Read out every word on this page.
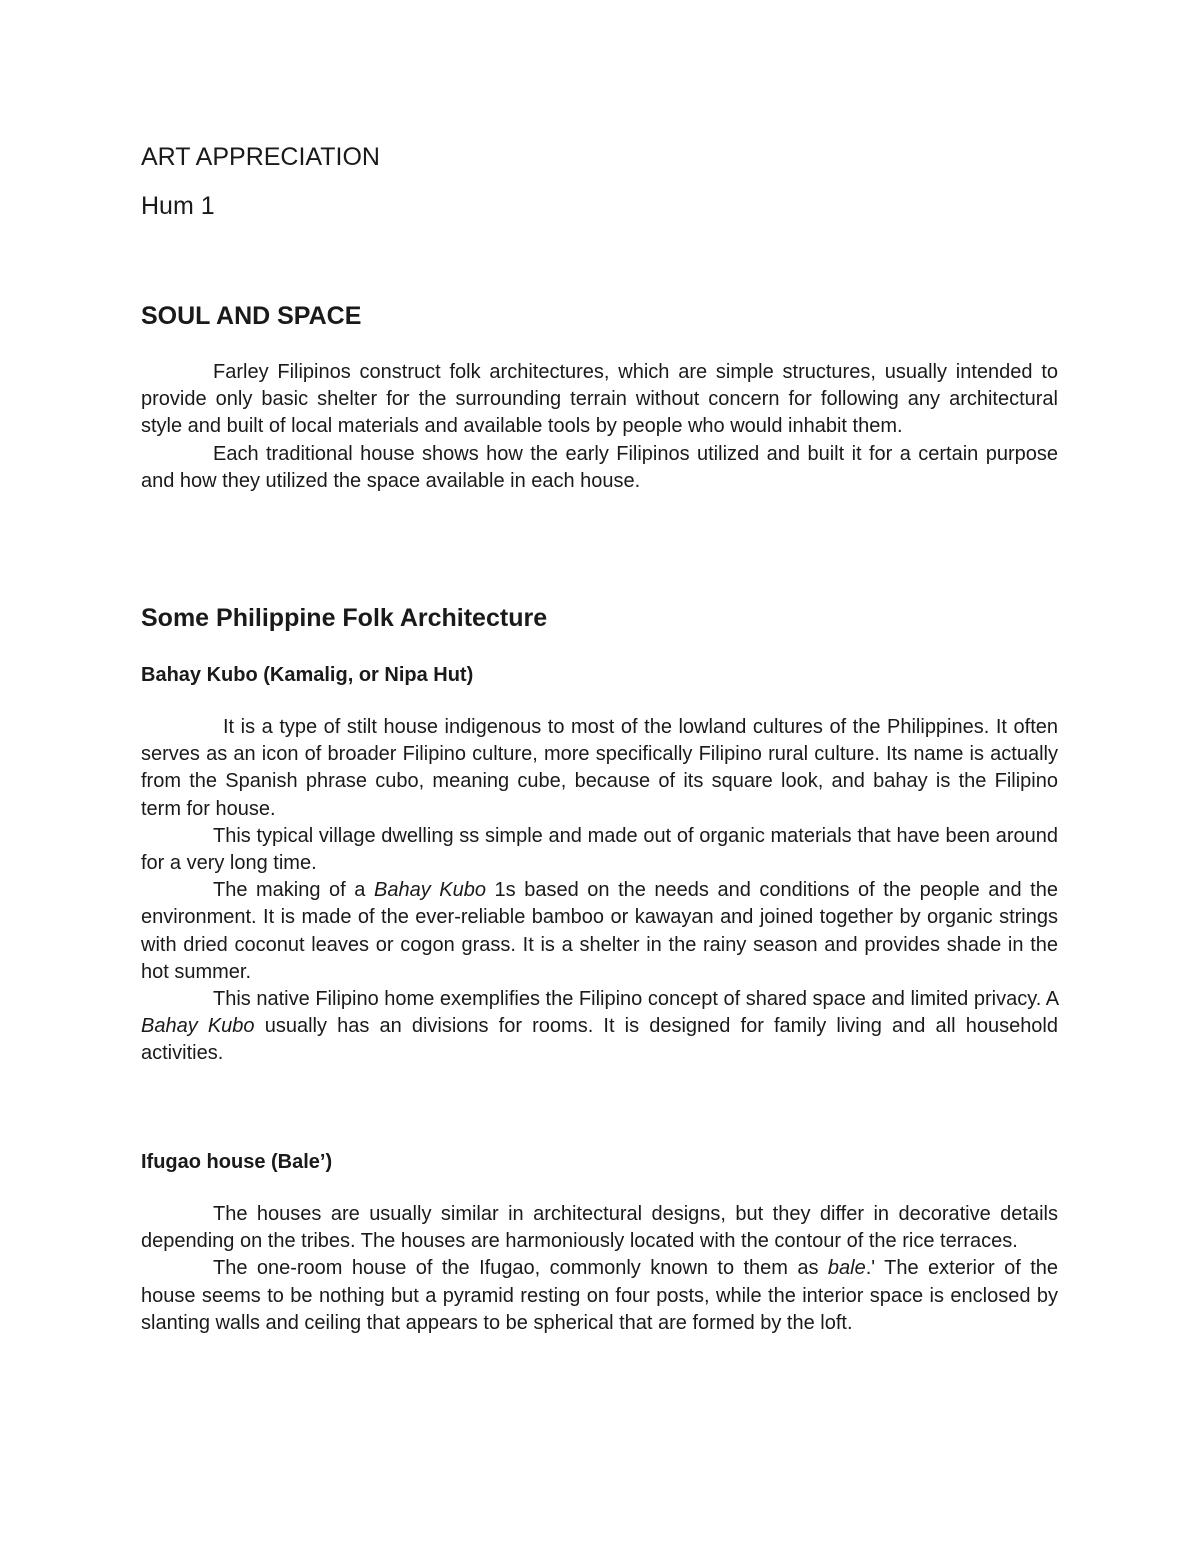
ART APPRECIATION
Hum 1
SOUL AND SPACE

Farley Filipinos construct folk architectures, which are simple structures, usually intended to provide only basic shelter for the surrounding terrain without concern for following any architectural style and built of local materials and available tools by people who would inhabit them.

Each traditional house shows how the early Filipinos utilized and built it for a certain purpose and how they utilized the space available in each house.

Some Philippine Folk Architecture
Bahay Kubo (Kamalig, or Nipa Hut)

It is a type of stilt house indigenous to most of the lowland cultures of the Philippines. It often serves as an icon of broader Filipino culture, more specifically Filipino rural culture. Its name is actually from the Spanish phrase cubo, meaning cube, because of its square look, and bahay is the Filipino term for house.

This typical village dwelling ss simple and made out of organic materials that have been around for a very long time.

The making of a Bahay Kubo 1s based on the needs and conditions of the people and the environment. It is made of the ever-reliable bamboo or kawayan and joined together by organic strings with dried coconut leaves or cogon grass. It is a shelter in the rainy season and provides shade in the hot summer.

This native Filipino home exemplifies the Filipino concept of shared space and limited privacy. A Bahay Kubo usually has an divisions for rooms. It is designed for family living and all household activities.

Ifugao house (Bale’)

The houses are usually similar in architectural designs, but they differ in decorative details depending on the tribes. The houses are harmoniously located with the contour of the rice terraces.

The one-room house of the Ifugao, commonly known to them as bale.' The exterior of the house seems to be nothing but a pyramid resting on four posts, while the interior space is enclosed by slanting walls and ceiling that appears to be spherical that are formed by the loft.
